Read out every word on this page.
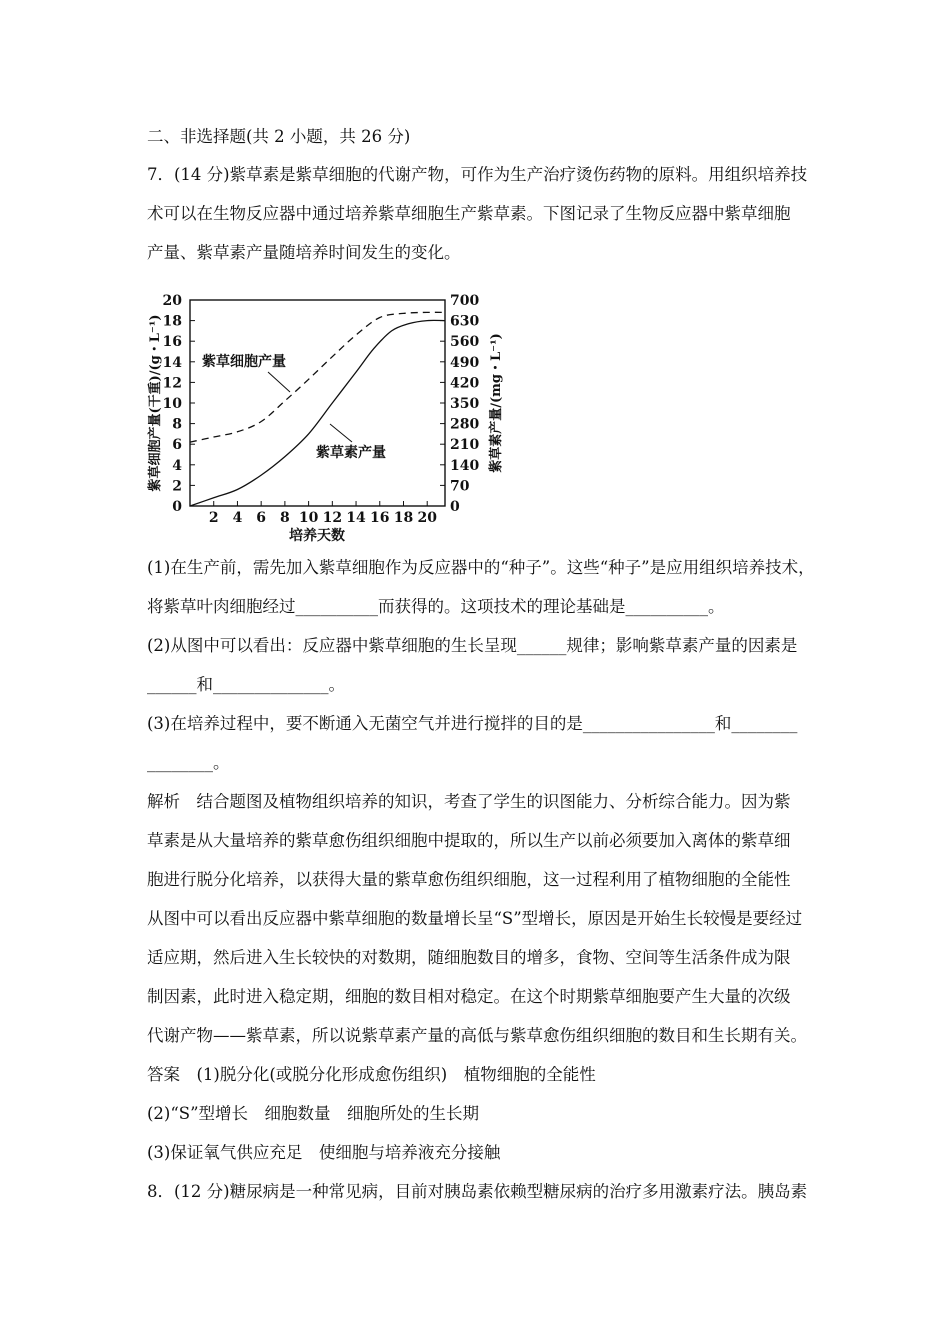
二、非选择题(共 2 小题，共 26 分)
7．(14 分)紫草素是紫草细胞的代谢产物，可作为生产治疗烫伤药物的原料。用组织培养技
术可以在生物反应器中通过培养紫草细胞生产紫草素。下图记录了生物反应器中紫草细胞
产量、紫草素产量随培养时间发生的变化。
0
2
4
6
8
10
12
14
16
18
20
0
70
140
210
280
350
420
490
560
630
700
2 4 6 8 10 12 14 16 18 20
紫草细胞产量
紫草素产量
培养天数
紫草细胞产量(干重)/(g・L⁻¹)	紫草素产量/(mg・L⁻¹)
(1)在生产前，需先加入紫草细胞作为反应器中的“种子”。这些“种子”是应用组织培养技术，
将紫草叶肉细胞经过__________而获得的。这项技术的理论基础是__________。
(2)从图中可以看出：反应器中紫草细胞的生长呈现______规律；影响紫草素产量的因素是
______和______________。
(3)在培养过程中，要不断通入无菌空气并进行搅拌的目的是________________和________
________。
解析　结合题图及植物组织培养的知识，考查了学生的识图能力、分析综合能力。因为紫
草素是从大量培养的紫草愈伤组织细胞中提取的，所以生产以前必须要加入离体的紫草细
胞进行脱分化培养，以获得大量的紫草愈伤组织细胞，这一过程利用了植物细胞的全能性
从图中可以看出反应器中紫草细胞的数量增长呈“S”型增长，原因是开始生长较慢是要经过
适应期，然后进入生长较快的对数期，随细胞数目的增多，食物、空间等生活条件成为限
制因素，此时进入稳定期，细胞的数目相对稳定。在这个时期紫草细胞要产生大量的次级
代谢产物——紫草素，所以说紫草素产量的高低与紫草愈伤组织细胞的数目和生长期有关。
答案　(1)脱分化(或脱分化形成愈伤组织)　植物细胞的全能性
(2)“S”型增长　细胞数量　细胞所处的生长期
(3)保证氧气供应充足　使细胞与培养液充分接触
8．(12 分)糖尿病是一种常见病，目前对胰岛素依赖型糖尿病的治疗多用激素疗法。胰岛素
